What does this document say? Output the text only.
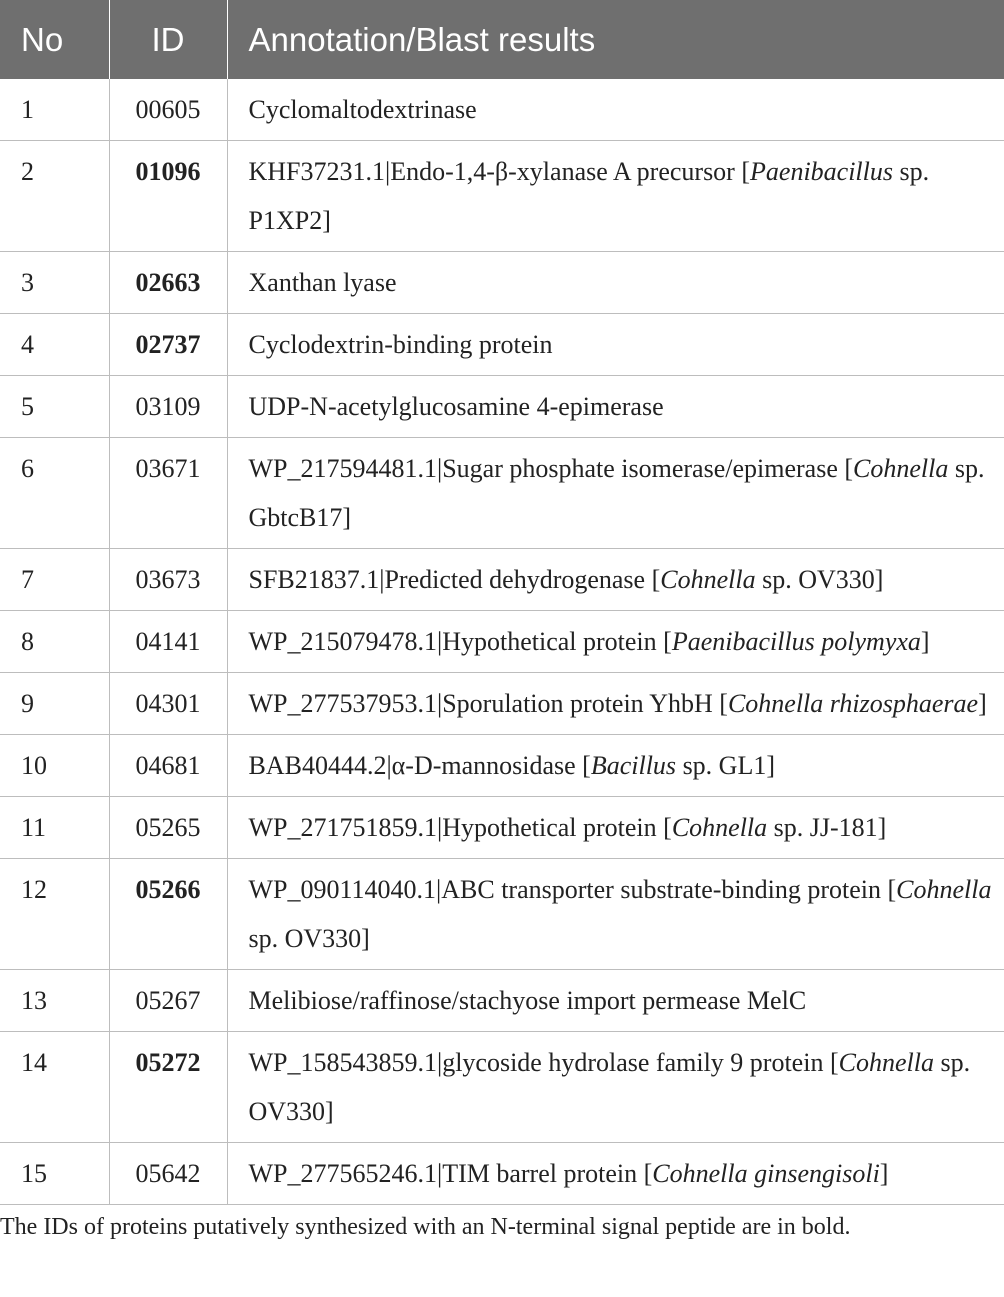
No	ID	Annotation/Blast results
1	00605	Cyclomaltodextrinase
2	01096	KHF37231.1|Endo-1,4-β-xylanase A precursor [Paenibacillus sp. P1XP2]
3	02663	Xanthan lyase
4	02737	Cyclodextrin-binding protein
5	03109	UDP-N-acetylglucosamine 4-epimerase
6	03671	WP_217594481.1|Sugar phosphate isomerase/epimerase [Cohnella sp. GbtcB17]
7	03673	SFB21837.1|Predicted dehydrogenase [Cohnella sp. OV330]
8	04141	WP_215079478.1|Hypothetical protein [Paenibacillus polymyxa]
9	04301	WP_277537953.1|Sporulation protein YhbH [Cohnella rhizosphaerae]
10	04681	BAB40444.2|α-D-mannosidase [Bacillus sp. GL1]
11	05265	WP_271751859.1|Hypothetical protein [Cohnella sp. JJ-181]
12	05266	WP_090114040.1|ABC transporter substrate-binding protein [Cohnella sp. OV330]
13	05267	Melibiose/raffinose/stachyose import permease MelC
14	05272	WP_158543859.1|glycoside hydrolase family 9 protein [Cohnella sp. OV330]
15	05642	WP_277565246.1|TIM barrel protein [Cohnella ginsengisoli]
The IDs of proteins putatively synthesized with an N-terminal signal peptide are in bold.
